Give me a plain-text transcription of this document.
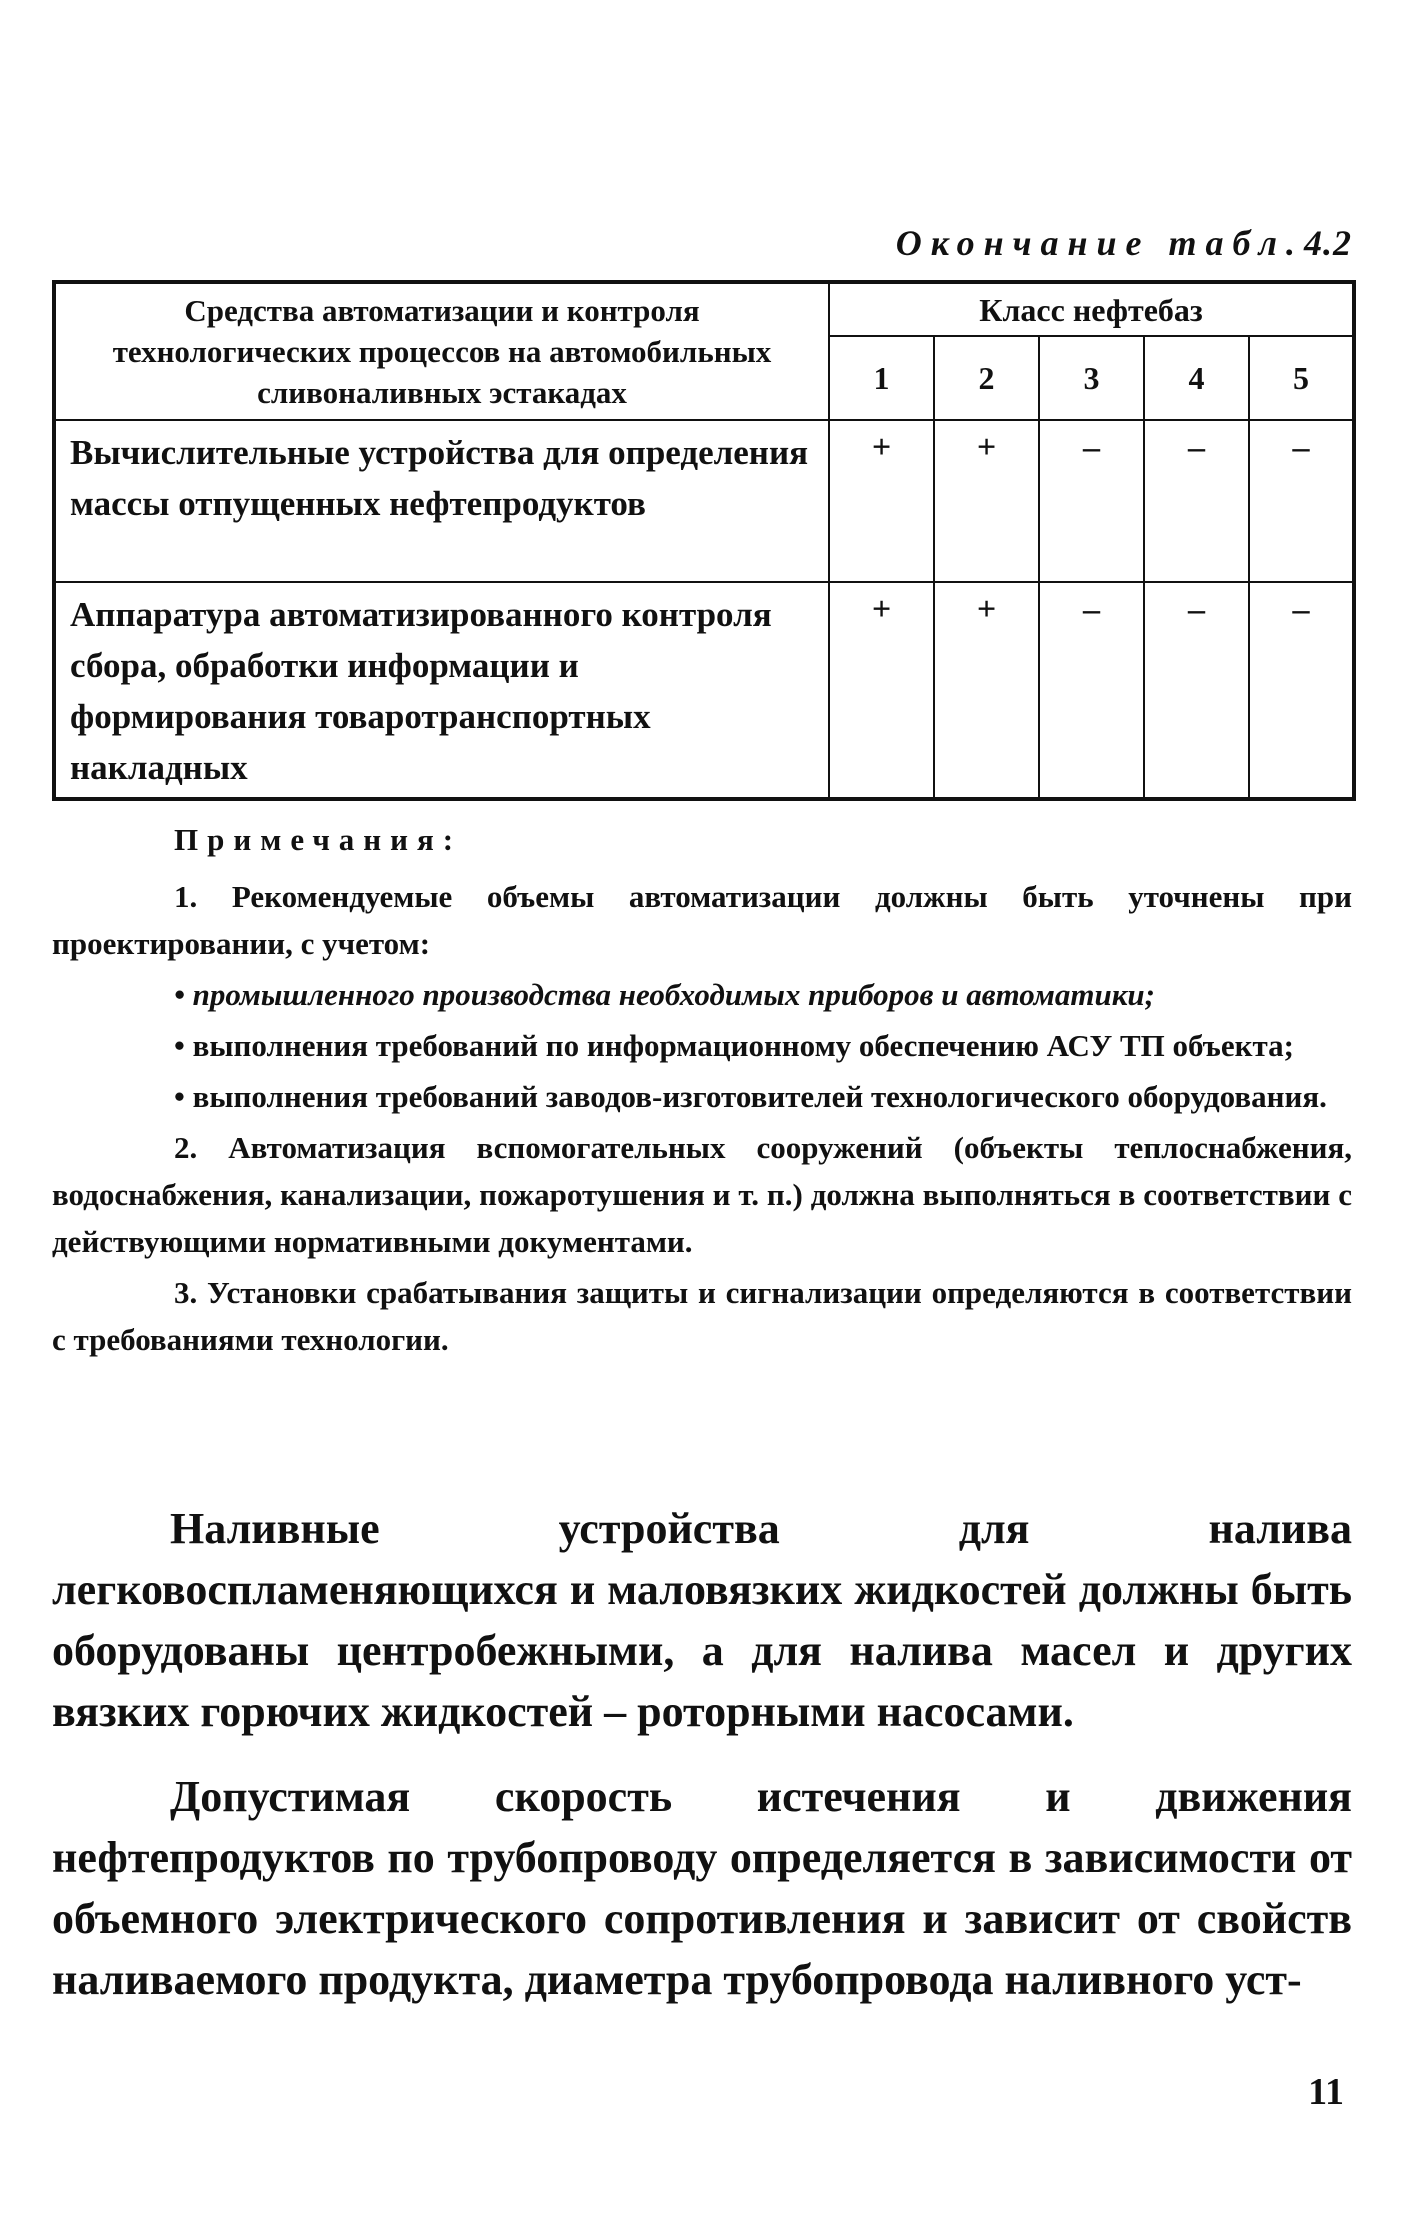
Окончание табл.4.2
Средства автоматизации и контроля технологических процессов на автомобильных сливоналивных эстакадах	Класс нефтебаз				
	1	2	3	4	5
Вычислительные устройства для определения массы отпущенных нефтепродуктов	+	+	–	–	–
Аппаратура автоматизированного контроля сбора, обработки информации и формирования товаротранспортных накладных	+	+	–	–	–
Примечания:

1. Рекомендуемые объемы автоматизации должны быть уточнены при проектировании, с учетом:

• промышленного производства необходимых приборов и автоматики;

• выполнения требований по информационному обеспечению АСУ ТП объекта;

• выполнения требований заводов-изготовителей технологического оборудования.

2. Автоматизация вспомогательных сооружений (объекты теплоснабжения, водоснабжения, канализации, пожаротушения и т. п.) должна выполняться в соответствии с действующими нормативными документами.

3. Установки срабатывания защиты и сигнализации определяются в соответствии с требованиями технологии.

Наливные устройства для налива легковоспламеняющихся и маловязких жидкостей должны быть оборудованы центробежными, а для налива масел и других вязких горючих жидкостей – роторными насосами.

Допустимая скорость истечения и движения нефтепродуктов по трубопроводу определяется в зависимости от объемного электрического сопротивления и зависит от свойств наливаемого продукта, диаметра трубопровода наливного уст-

11
